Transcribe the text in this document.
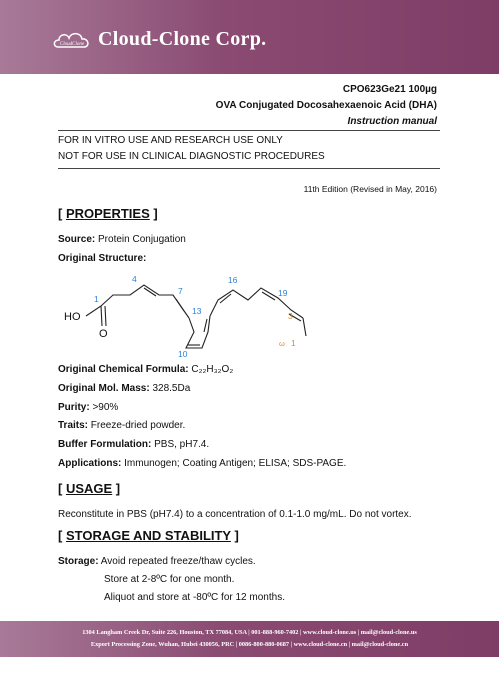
CloudClone Cloud-Clone Corp.
CPO623Ge21 100µg
OVA Conjugated Docosahexaenoic Acid (DHA)
Instruction manual
FOR IN VITRO USE AND RESEARCH USE ONLY
NOT FOR USE IN CLINICAL DIAGNOSTIC PROCEDURES
11th Edition (Revised in May, 2016)
[ PROPERTIES ]
Source: Protein Conjugation
Original Structure:
HO
O
1
4
7
10
13
16
19
3
ω 1
Original Chemical Formula: C₂₂H₃₂O₂
Original Mol. Mass: 328.5Da
Purity: >90%
Traits: Freeze-dried powder.
Buffer Formulation: PBS, pH7.4.
Applications: Immunogen; Coating Antigen; ELISA; SDS-PAGE.
[ USAGE ]
Reconstitute in PBS (pH7.4) to a concentration of 0.1-1.0 mg/mL. Do not vortex.
[ STORAGE AND STABILITY ]
Storage: Avoid repeated freeze/thaw cycles.
Store at 2-8ºC for one month.
Aliquot and store at -80ºC for 12 months.
1304 Langham Creek Dr, Suite 226, Houston, TX 77084, USA | 001-888-960-7402 | www.cloud-clone.us | mail@cloud-clone.us
Export Processing Zone, Wuhan, Hubei 430056, PRC | 0086-800-880-0687 | www.cloud-clone.cn | mail@cloud-clone.cn
